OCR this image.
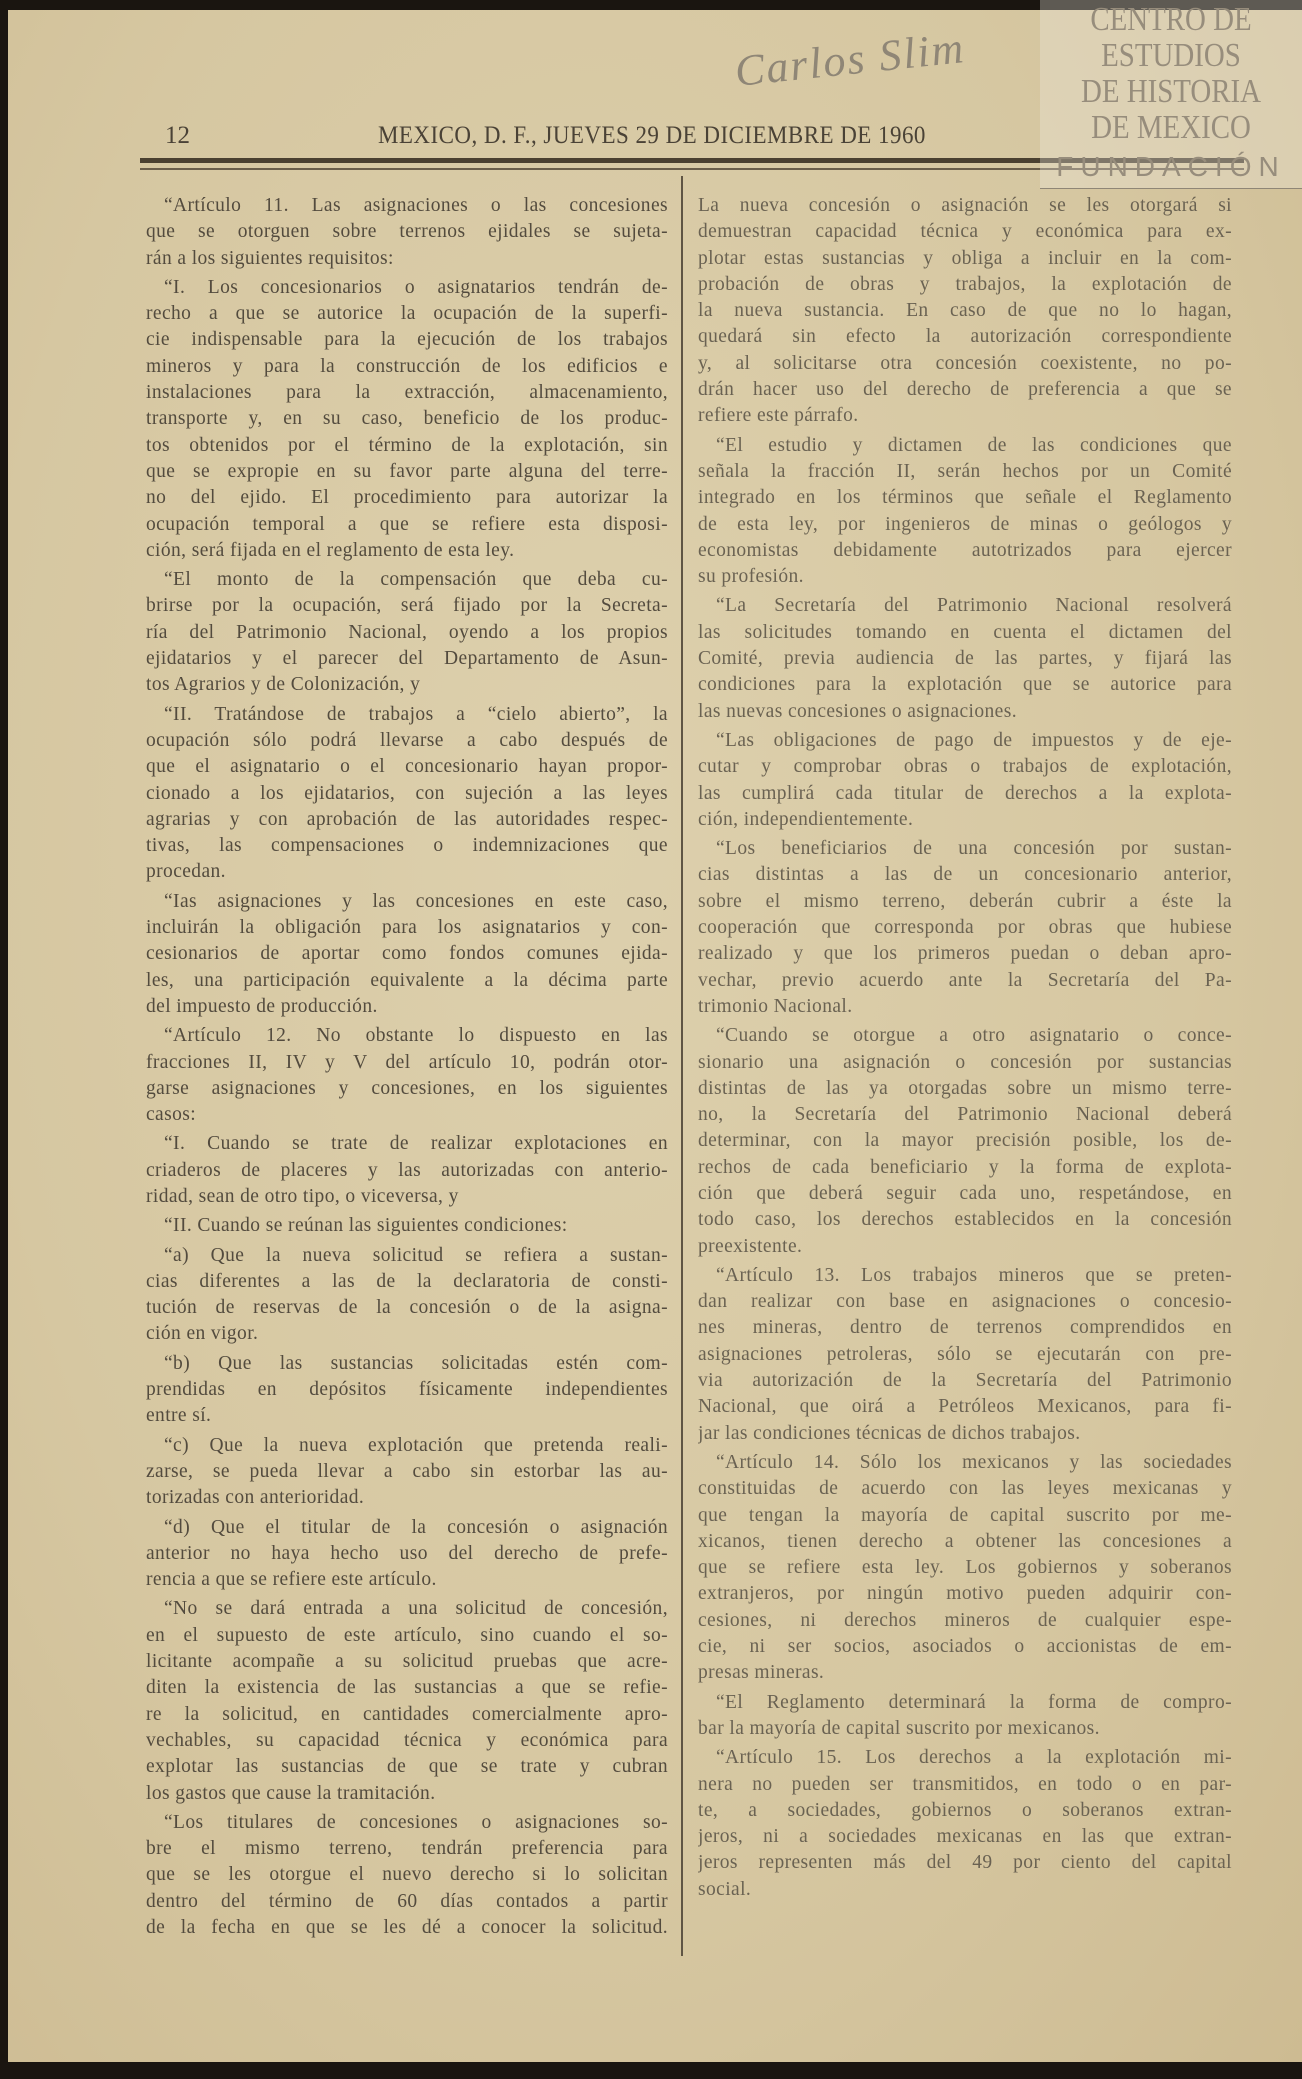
12	MEXICO, D. F., JUEVES 29 DE DICIEMBRE DE 1960
“Artículo 11. Las asignaciones o las concesiones
que se otorguen sobre terrenos ejidales se sujeta-
rán a los siguientes requisitos:
“I. Los concesionarios o asignatarios tendrán de-
recho a que se autorice la ocupación de la superfi-
cie indispensable para la ejecución de los trabajos
mineros y para la construcción de los edificios e
instalaciones para la extracción, almacenamiento,
transporte y, en su caso, beneficio de los produc-
tos obtenidos por el término de la explotación, sin
que se expropie en su favor parte alguna del terre-
no del ejido. El procedimiento para autorizar la
ocupación temporal a que se refiere esta disposi-
ción, será fijada en el reglamento de esta ley.
“El monto de la compensación que deba cu-
brirse por la ocupación, será fijado por la Secreta-
ría del Patrimonio Nacional, oyendo a los propios
ejidatarios y el parecer del Departamento de Asun-
tos Agrarios y de Colonización, y
“II. Tratándose de trabajos a “cielo abierto”, la
ocupación sólo podrá llevarse a cabo después de
que el asignatario o el concesionario hayan propor-
cionado a los ejidatarios, con sujeción a las leyes
agrarias y con aprobación de las autoridades respec-
tivas, las compensaciones o indemnizaciones que
procedan.
“Ias asignaciones y las concesiones en este caso,
incluirán la obligación para los asignatarios y con-
cesionarios de aportar como fondos comunes ejida-
les, una participación equivalente a la décima parte
del impuesto de producción.
“Artículo 12. No obstante lo dispuesto en las
fracciones II, IV y V del artículo 10, podrán otor-
garse asignaciones y concesiones, en los siguientes
casos:
“I. Cuando se trate de realizar explotaciones en
criaderos de placeres y las autorizadas con anterio-
ridad, sean de otro tipo, o viceversa, y
“II. Cuando se reúnan las siguientes condiciones:
“a) Que la nueva solicitud se refiera a sustan-
cias diferentes a las de la declaratoria de consti-
tución de reservas de la concesión o de la asigna-
ción en vigor.
“b) Que las sustancias solicitadas estén com-
prendidas en depósitos físicamente independientes
entre sí.
“c) Que la nueva explotación que pretenda reali-
zarse, se pueda llevar a cabo sin estorbar las au-
torizadas con anterioridad.
“d) Que el titular de la concesión o asignación
anterior no haya hecho uso del derecho de prefe-
rencia a que se refiere este artículo.
“No se dará entrada a una solicitud de concesión,
en el supuesto de este artículo, sino cuando el so-
licitante acompañe a su solicitud pruebas que acre-
diten la existencia de las sustancias a que se refie-
re la solicitud, en cantidades comercialmente apro-
vechables, su capacidad técnica y económica para
explotar las sustancias de que se trate y cubran
los gastos que cause la tramitación.
“Los titulares de concesiones o asignaciones so-
bre el mismo terreno, tendrán preferencia para
que se les otorgue el nuevo derecho si lo solicitan
dentro del término de 60 días contados a partir
de la fecha en que se les dé a conocer la solicitud.
La nueva concesión o asignación se les otorgará si
demuestran capacidad técnica y económica para ex-
plotar estas sustancias y obliga a incluir en la com-
probación de obras y trabajos, la explotación de
la nueva sustancia. En caso de que no lo hagan,
quedará sin efecto la autorización correspondiente
y, al solicitarse otra concesión coexistente, no po-
drán hacer uso del derecho de preferencia a que se
refiere este párrafo.
“El estudio y dictamen de las condiciones que
señala la fracción II, serán hechos por un Comité
integrado en los términos que señale el Reglamento
de esta ley, por ingenieros de minas o geólogos y
economistas debidamente autotrizados para ejercer
su profesión.
“La Secretaría del Patrimonio Nacional resolverá
las solicitudes tomando en cuenta el dictamen del
Comité, previa audiencia de las partes, y fijará las
condiciones para la explotación que se autorice para
las nuevas concesiones o asignaciones.
“Las obligaciones de pago de impuestos y de eje-
cutar y comprobar obras o trabajos de explotación,
las cumplirá cada titular de derechos a la explota-
ción, independientemente.
“Los beneficiarios de una concesión por sustan-
cias distintas a las de un concesionario anterior,
sobre el mismo terreno, deberán cubrir a éste la
cooperación que corresponda por obras que hubiese
realizado y que los primeros puedan o deban apro-
vechar, previo acuerdo ante la Secretaría del Pa-
trimonio Nacional.
“Cuando se otorgue a otro asignatario o conce-
sionario una asignación o concesión por sustancias
distintas de las ya otorgadas sobre un mismo terre-
no, la Secretaría del Patrimonio Nacional deberá
determinar, con la mayor precisión posible, los de-
rechos de cada beneficiario y la forma de explota-
ción que deberá seguir cada uno, respetándose, en
todo caso, los derechos establecidos en la concesión
preexistente.
“Artículo 13. Los trabajos mineros que se preten-
dan realizar con base en asignaciones o concesio-
nes mineras, dentro de terrenos comprendidos en
asignaciones petroleras, sólo se ejecutarán con pre-
via autorización de la Secretaría del Patrimonio
Nacional, que oirá a Petróleos Mexicanos, para fi-
jar las condiciones técnicas de dichos trabajos.
“Artículo 14. Sólo los mexicanos y las sociedades
constituidas de acuerdo con las leyes mexicanas y
que tengan la mayoría de capital suscrito por me-
xicanos, tienen derecho a obtener las concesiones a
que se refiere esta ley. Los gobiernos y soberanos
extranjeros, por ningún motivo pueden adquirir con-
cesiones, ni derechos mineros de cualquier espe-
cie, ni ser socios, asociados o accionistas de em-
presas mineras.
“El Reglamento determinará la forma de compro-
bar la mayoría de capital suscrito por mexicanos.
“Artículo 15. Los derechos a la explotación mi-
nera no pueden ser transmitidos, en todo o en par-
te, a sociedades, gobiernos o soberanos extran-
jeros, ni a sociedades mexicanas en las que extran-
jeros representen más del 49 por ciento del capital
social.
CENTRO DE
ESTUDIOS
DE HISTORIA
DE MEXICO
FUNDACIÓN
Carlos Slim
